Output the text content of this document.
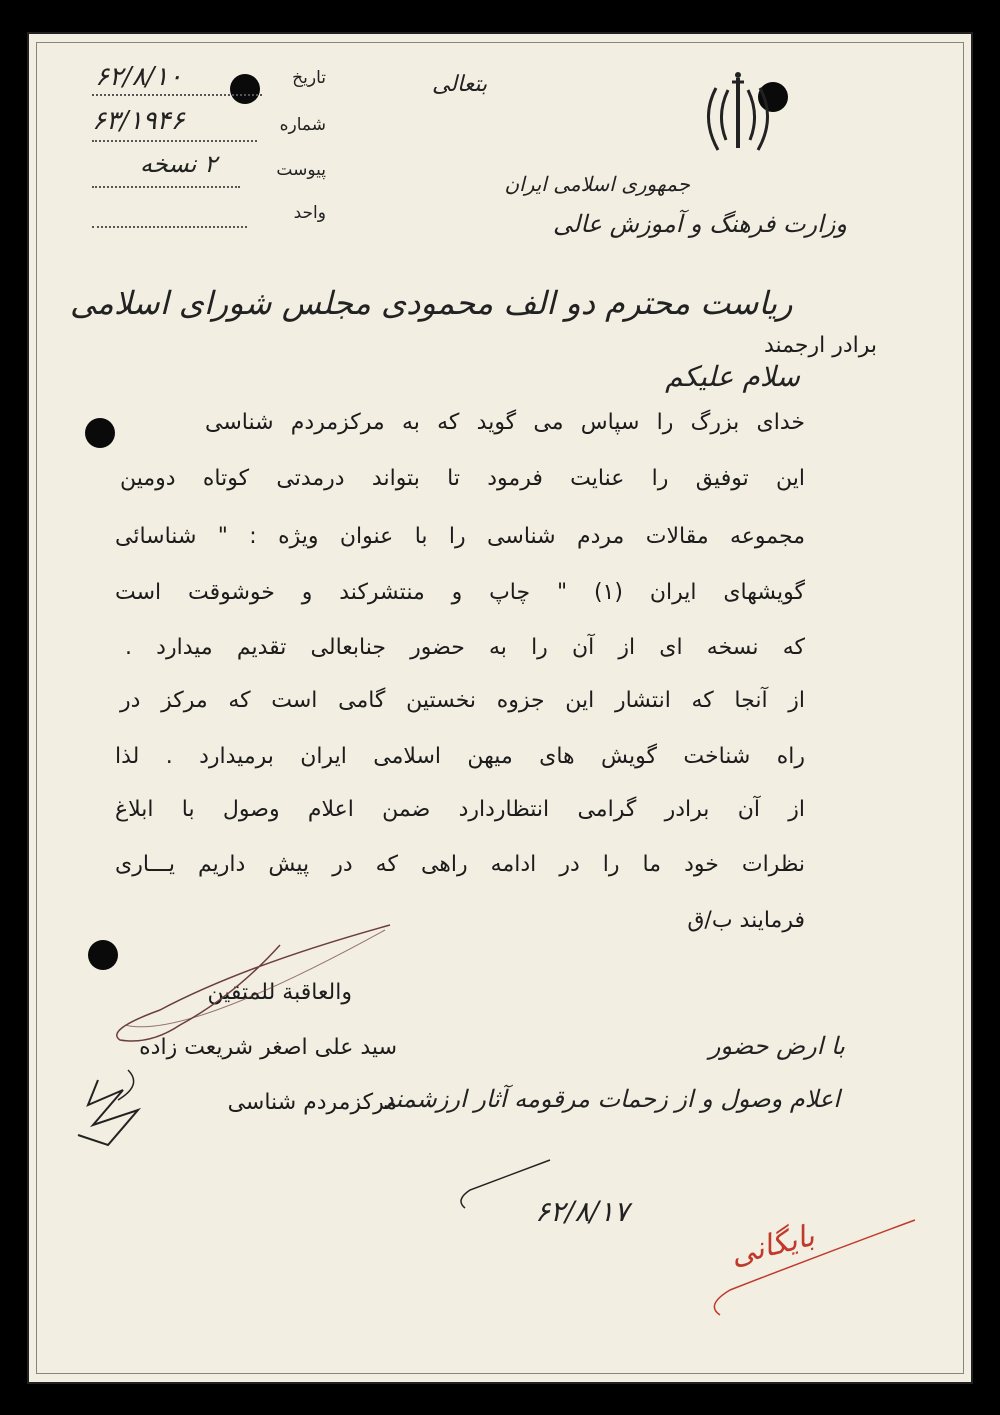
بتعالی
جمهوری اسلامی ایران
وزارت فرهنگ و آموزش عالی
تاریخ
۶۲/۸/۱۰
شماره
۶۳/۱۹۴۶
پیوست
۲ نسخه
واحد
ریاست محترم دو الف محمودی مجلس شورای اسلامی
برادر ارجمند
سلام علیکم
خدای بزرگ را سپاس می گوید که به مرکزمردم شناسی
این توفیق را عنایت فرمود تا بتواند درمدتی کوتاه دومین
مجموعه مقالات مردم شناسی را با عنوان ویژه : " شناسائی
گویشهای ایران (۱) " چاپ و منتشرکند و خوشوقت است
که نسخه ای از آن را به حضور جنابعالی تقدیم میدارد .
از آنجا که انتشار این جزوه نخستین گامی است که مرکز در
راه شناخت گویش های میهن اسلامی ایران برمیدارد . لذا
از آن برادر گرامی انتظاردارد ضمن اعلام وصول با ابلاغ
نظرات خود ما را در ادامه راهی که در پیش داریم یـــاری
فرمایند ب/ق
والعاقبة للمتقین
سید علی اصغر شریعت زاده
مرکزمردم شناسی
با ارض حضور
اعلام وصول و از زحمات مرقومه آثار ارزشمند
۶۲/۸/۱۷
بایگانی
